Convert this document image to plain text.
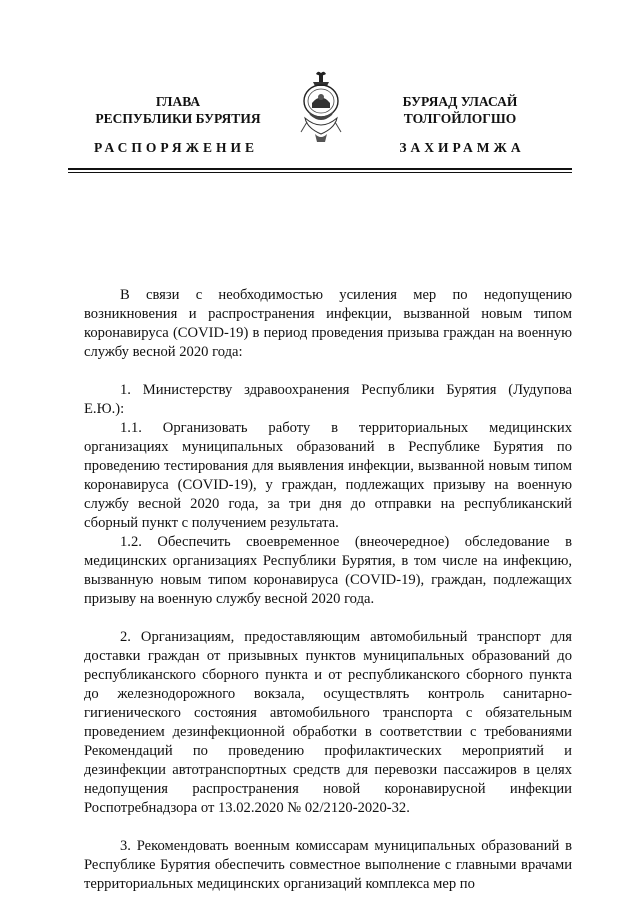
ГЛАВА
РЕСПУБЛИКИ БУРЯТИЯ
БУРЯАД УЛАСАЙ
ТОЛГОЙЛОГШО
РАСПОРЯЖЕНИЕ	ЗАХИРАМЖА

В связи с необходимостью усиления мер по недопущению возникновения и распространения инфекции, вызванной новым типом коронавируса (COVID-19) в период проведения призыва граждан на военную службу весной 2020 года:

1. Министерству здравоохранения Республики Бурятия (Лудупова Е.Ю.):

1.1. Организовать работу в территориальных медицинских организациях муниципальных образований в Республике Бурятия по проведению тестирования для выявления инфекции, вызванной новым типом коронавируса (COVID-19), у граждан, подлежащих призыву на военную службу весной 2020 года, за три дня до отправки на республиканский сборный пункт с получением результата.

1.2. Обеспечить своевременное (внеочередное) обследование в медицинских организациях Республики Бурятия, в том числе на инфекцию, вызванную новым типом коронавируса (COVID-19), граждан, подлежащих призыву на военную службу весной 2020 года.

2. Организациям, предоставляющим автомобильный транспорт для доставки граждан от призывных пунктов муниципальных образований до республиканского сборного пункта и от республиканского сборного пункта до железнодорожного вокзала, осуществлять контроль санитарно-гигиенического состояния автомобильного транспорта с обязательным проведением дезинфекционной обработки в соответствии с требованиями Рекомендаций по проведению профилактических мероприятий и дезинфекции автотранспортных средств для перевозки пассажиров в целях недопущения распространения новой коронавирусной инфекции Роспотребнадзора от 13.02.2020 № 02/2120-2020-32.

3. Рекомендовать военным комиссарам муниципальных образований в Республике Бурятия обеспечить совместное выполнение с главными врачами территориальных медицинских организаций комплекса мер по
